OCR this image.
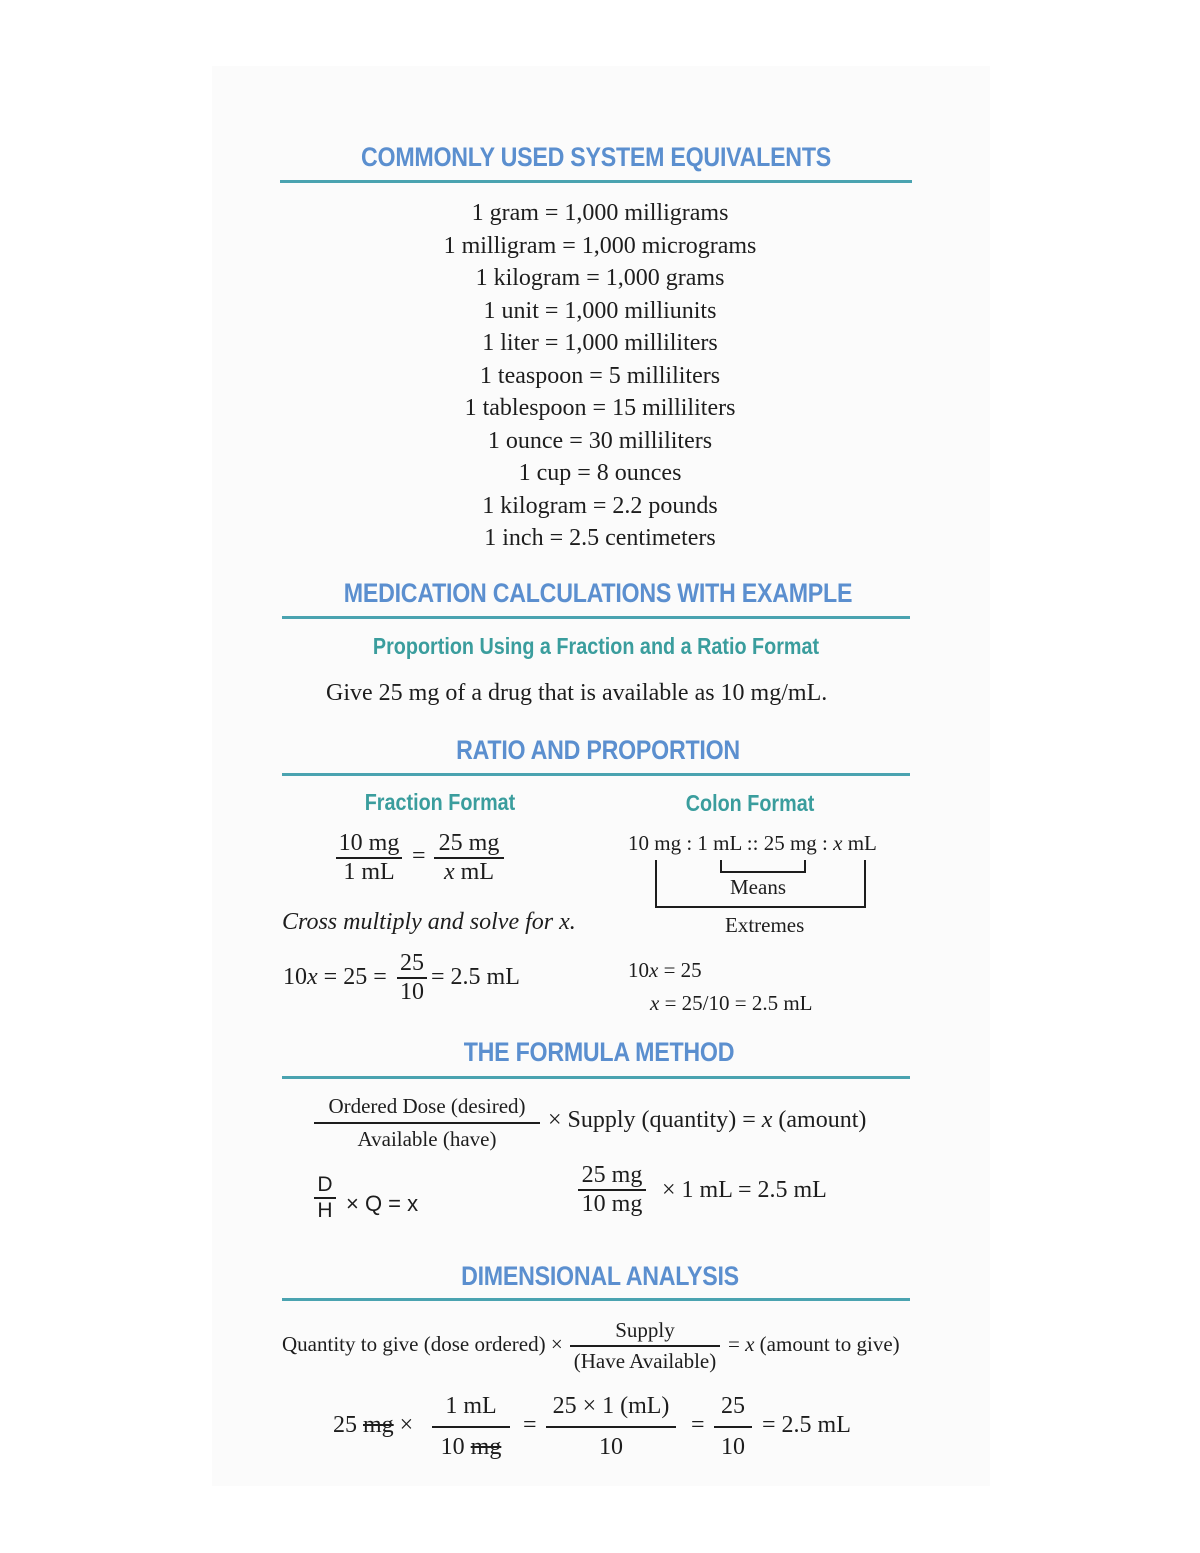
COMMONLY USED SYSTEM EQUIVALENTS
1 gram = 1,000 milligrams
1 milligram = 1,000 micrograms
1 kilogram = 1,000 grams
1 unit = 1,000 milliunits
1 liter = 1,000 milliliters
1 teaspoon = 5 milliliters
1 tablespoon = 15 milliliters
1 ounce = 30 milliliters
1 cup = 8 ounces
1 kilogram = 2.2 pounds
1 inch = 2.5 centimeters
MEDICATION CALCULATIONS WITH EXAMPLE
Proportion Using a Fraction and a Ratio Format
Give 25 mg of a drug that is available as 10 mg/mL.
RATIO AND PROPORTION
Fraction Format	Colon Format
10 mg
1 mL
= 25 mg
x mL
Cross multiply and solve for x.
10x = 25 =
25
10
= 2.5 mL
10 mg : 1 mL :: 25 mg : x mL
Means
Extremes
10x = 25
x = 25/10 = 2.5 mL
THE FORMULA METHOD
Ordered Dose (desired)
Available (have)
× Supply (quantity) = x (amount)
D
H × Q = x
25 mg
10 mg
× 1 mL = 2.5 mL
DIMENSIONAL ANALYSIS
Quantity to give (dose ordered) ×
Supply
(Have Available)
= x (amount to give)
25 mg ×
1 mL
10 mg
=
25 × 1 (mL)
10
=
25
10
= 2.5 mL
